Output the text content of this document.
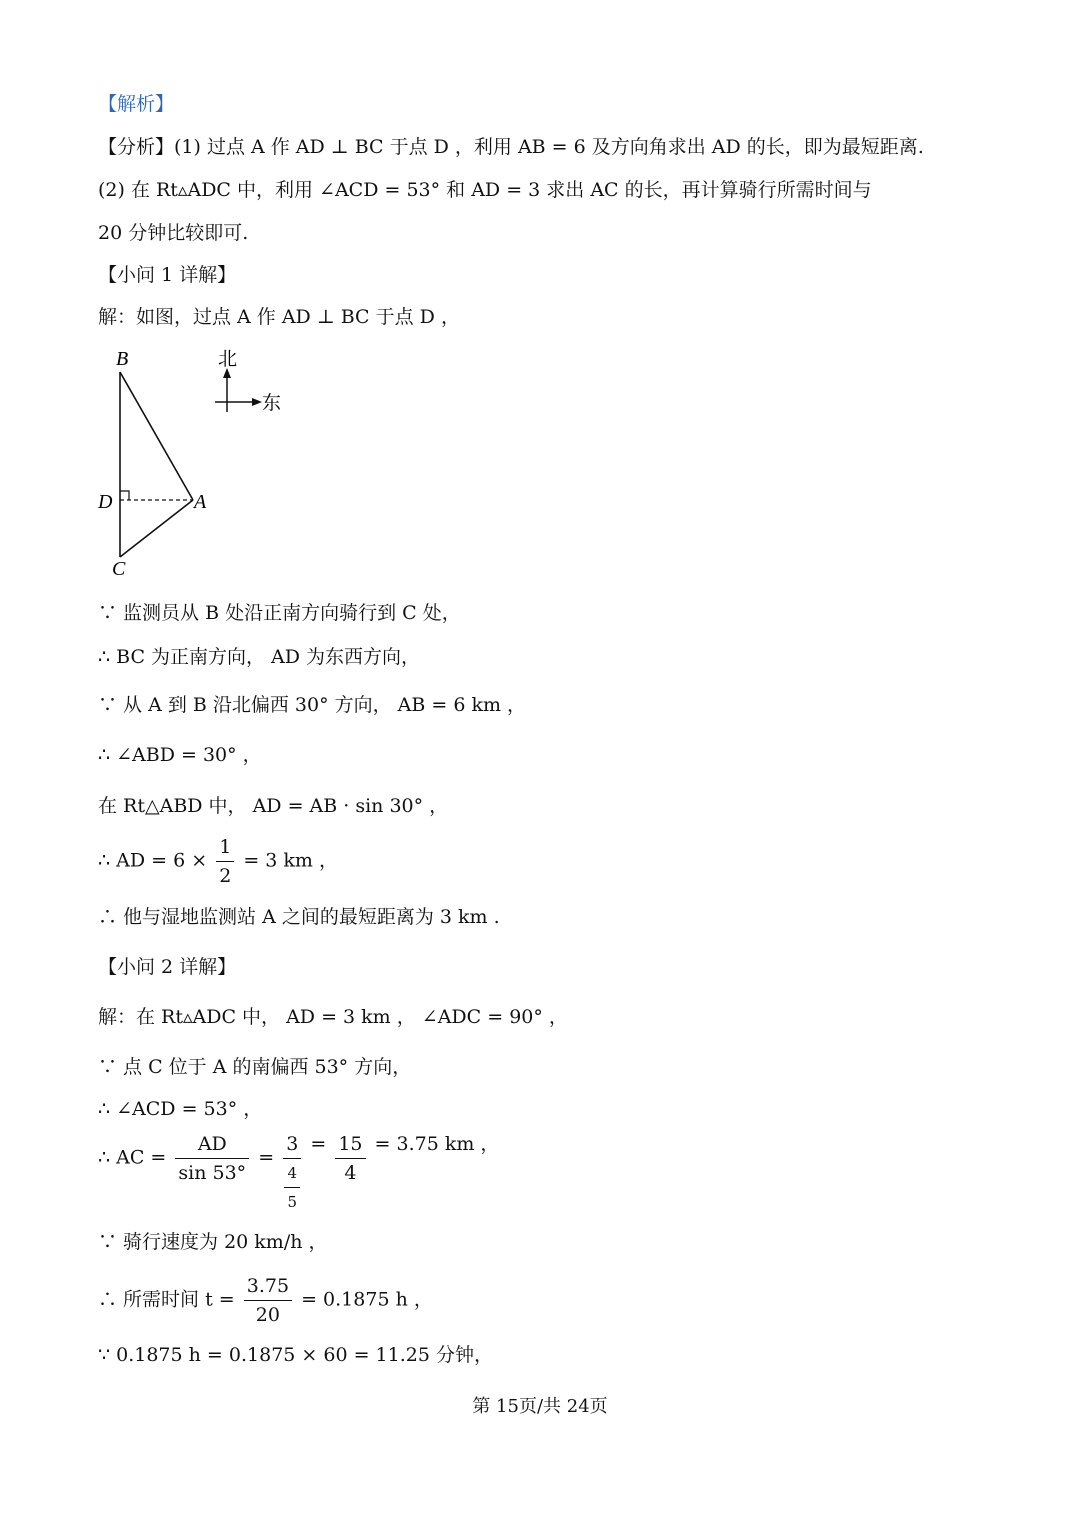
【解析】
【分析】(1) 过点 A 作 AD ⊥ BC 于点 D ，利用 AB = 6 及方向角求出 AD 的长，即为最短距离.
(2) 在 Rt▵ADC 中，利用 ∠ACD = 53° 和 AD = 3 求出 AC 的长，再计算骑行所需时间与
20 分钟比较即可.
【小问 1 详解】
解：如图，过点 A 作 AD ⊥ BC 于点 D ，
B
D	A
C
北
东
∵ 监测员从 B 处沿正南方向骑行到 C 处，
∴ BC 为正南方向， AD 为东西方向，
∵ 从 A 到 B 沿北偏西 30° 方向， AB = 6 km ，
∴ ∠ABD = 30° ，
在 Rt△ABD 中， AD = AB · sin 30° ，
∴ AD = $6 \times \frac{1}{2} = 3$ km ，
∴ 他与湿地监测站 A 之间的最短距离为 3 km .
【小问 2 详解】
解：在 Rt▵ADC 中， AD = 3 km ， ∠ADC = 90° ，
∵ 点 C 位于 A 的南偏西 53° 方向，
∴ ∠ACD = 53° ，
∴ AC = $\frac{AD}{\sin 53^\circ} = \frac{3}{\frac{4}{5}} = \frac{15}{4} = 3.75$ km ，
∵ 骑行速度为 20 km/h ，
∴ 所需时间 $t = \frac{3.75}{20} = 0.1875$ h ，
∵ 0.1875 h = 0.1875 × 60 = 11.25 分钟，
第 15页/共 24页
